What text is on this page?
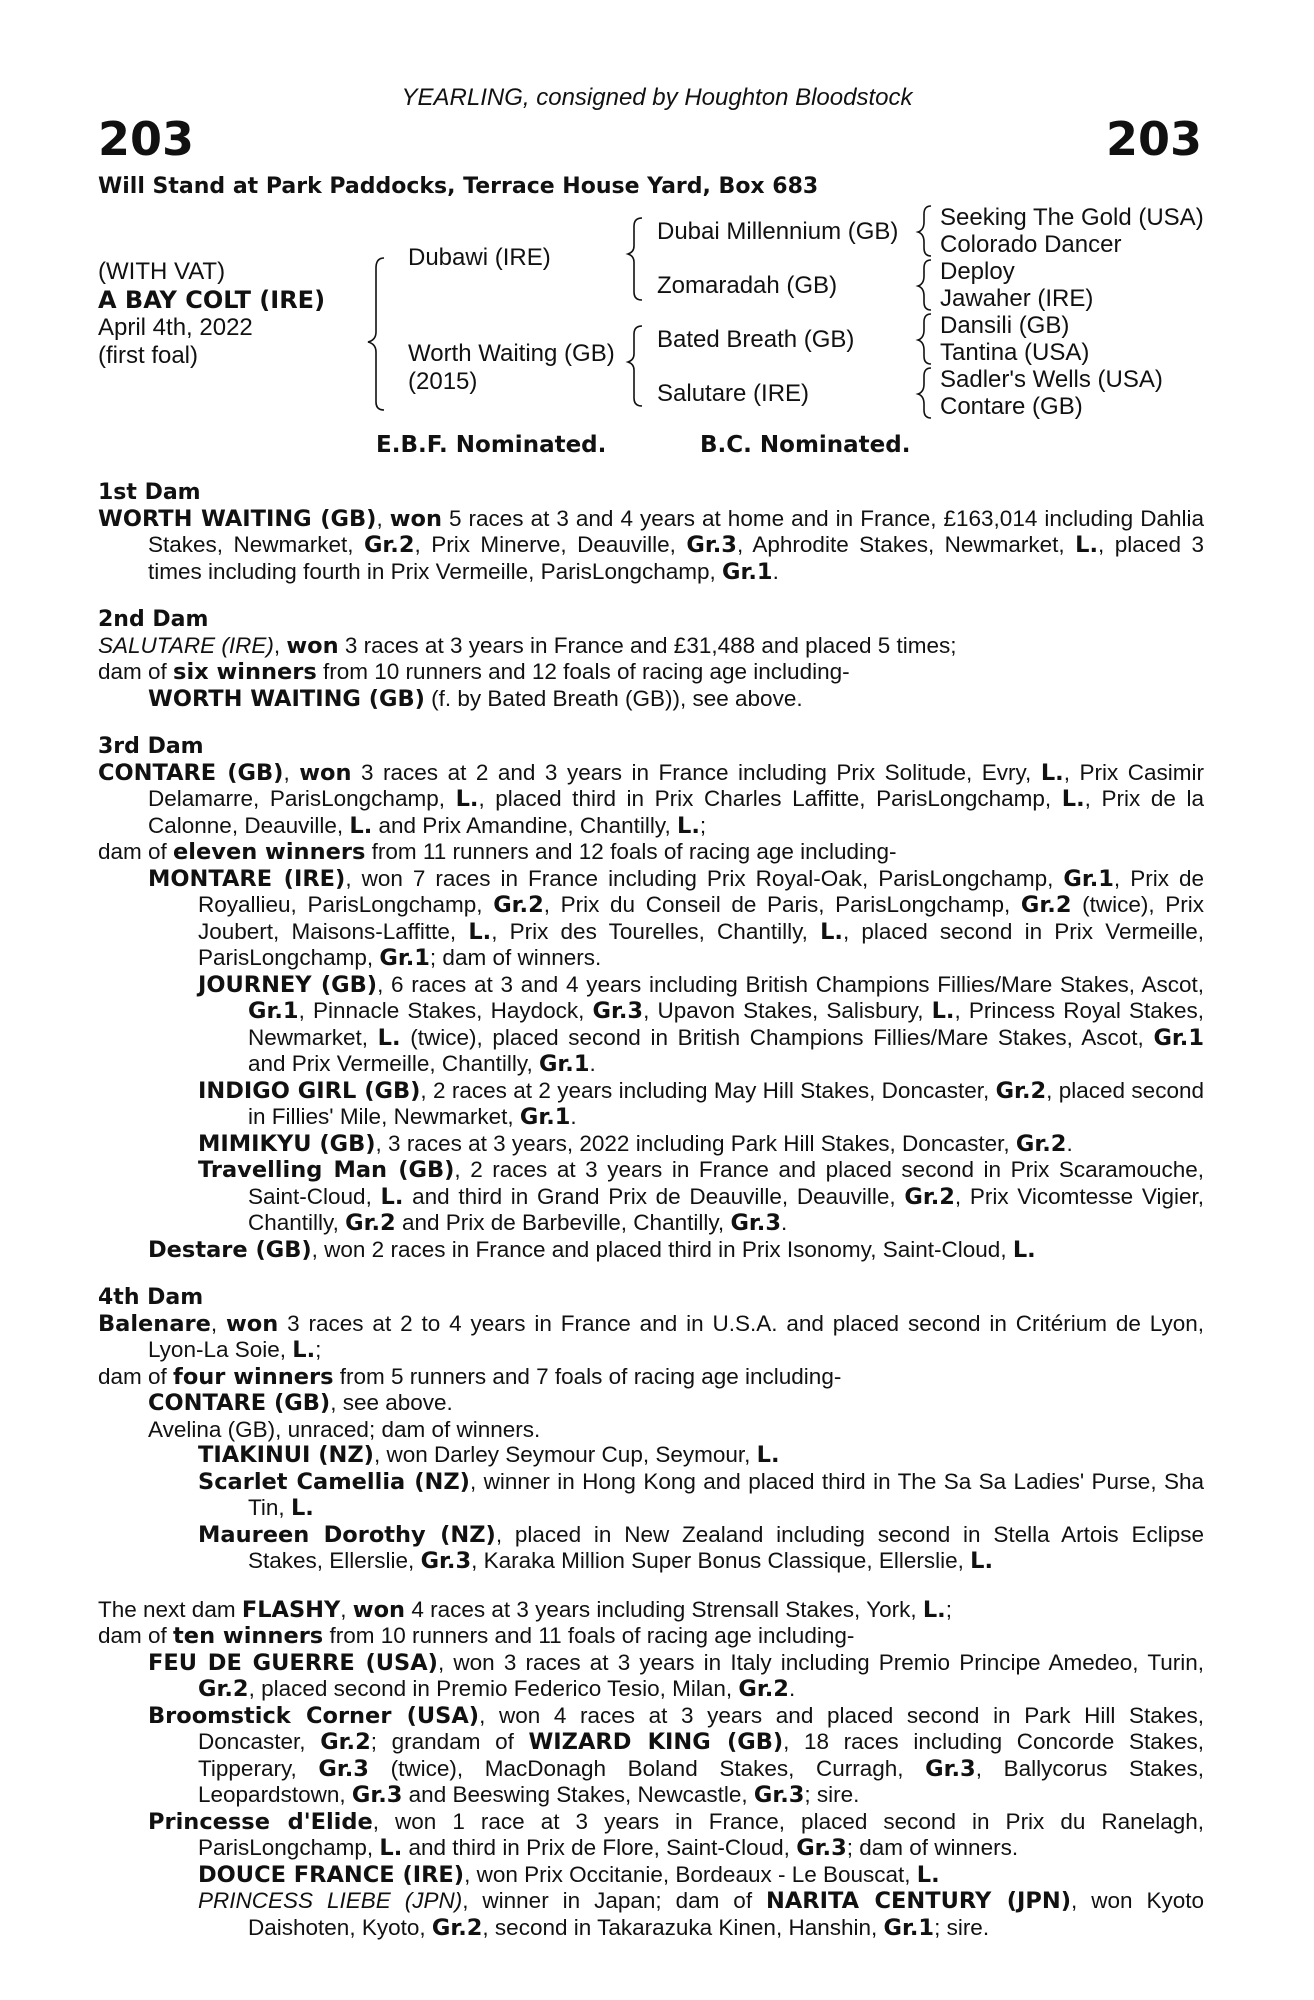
YEARLING, consigned by Houghton Bloodstock
203	203
Will Stand at Park Paddocks, Terrace House Yard, Box 683
(WITH VAT)
A BAY COLT (IRE)
April 4th, 2022
(first foal)
Dubawi (IRE)
Worth Waiting (GB)
(2015)
Dubai Millennium (GB)
Zomaradah (GB)
Bated Breath (GB)
Salutare (IRE)
Seeking The Gold (USA)
Colorado Dancer
Deploy
Jawaher (IRE)
Dansili (GB)
Tantina (USA)
Sadler's Wells (USA)
Contare (GB)
E.B.F. Nominated.	B.C. Nominated.
1st Dam
WORTH WAITING (GB), won 5 races at 3 and 4 years at home and in France, £163,014 including Dahlia Stakes, Newmarket, Gr.2, Prix Minerve, Deauville, Gr.3, Aphrodite Stakes, Newmarket, L., placed 3 times including fourth in Prix Vermeille, ParisLongchamp, Gr.1.
2nd Dam
SALUTARE (IRE), won 3 races at 3 years in France and £31,488 and placed 5 times;
dam of six winners from 10 runners and 12 foals of racing age including-
WORTH WAITING (GB) (f. by Bated Breath (GB)), see above.
3rd Dam
CONTARE (GB), won 3 races at 2 and 3 years in France including Prix Solitude, Evry, L., Prix Casimir Delamarre, ParisLongchamp, L., placed third in Prix Charles Laffitte, ParisLongchamp, L., Prix de la Calonne, Deauville, L. and Prix Amandine, Chantilly, L.;
dam of eleven winners from 11 runners and 12 foals of racing age including-
MONTARE (IRE), won 7 races in France including Prix Royal-Oak, ParisLongchamp, Gr.1, Prix de Royallieu, ParisLongchamp, Gr.2, Prix du Conseil de Paris, ParisLongchamp, Gr.2 (twice), Prix Joubert, Maisons-Laffitte, L., Prix des Tourelles, Chantilly, L., placed second in Prix Vermeille, ParisLongchamp, Gr.1; dam of winners.
JOURNEY (GB), 6 races at 3 and 4 years including British Champions Fillies/Mare Stakes, Ascot, Gr.1, Pinnacle Stakes, Haydock, Gr.3, Upavon Stakes, Salisbury, L., Princess Royal Stakes, Newmarket, L. (twice), placed second in British Champions Fillies/Mare Stakes, Ascot, Gr.1 and Prix Vermeille, Chantilly, Gr.1.
INDIGO GIRL (GB), 2 races at 2 years including May Hill Stakes, Doncaster, Gr.2, placed second in Fillies' Mile, Newmarket, Gr.1.
MIMIKYU (GB), 3 races at 3 years, 2022 including Park Hill Stakes, Doncaster, Gr.2.
Travelling Man (GB), 2 races at 3 years in France and placed second in Prix Scaramouche, Saint-Cloud, L. and third in Grand Prix de Deauville, Deauville, Gr.2, Prix Vicomtesse Vigier, Chantilly, Gr.2 and Prix de Barbeville, Chantilly, Gr.3.
Destare (GB), won 2 races in France and placed third in Prix Isonomy, Saint-Cloud, L.
4th Dam
Balenare, won 3 races at 2 to 4 years in France and in U.S.A. and placed second in Critérium de Lyon, Lyon-La Soie, L.;
dam of four winners from 5 runners and 7 foals of racing age including-
CONTARE (GB), see above.
Avelina (GB), unraced; dam of winners.
TIAKINUI (NZ), won Darley Seymour Cup, Seymour, L.
Scarlet Camellia (NZ), winner in Hong Kong and placed third in The Sa Sa Ladies' Purse, Sha Tin, L.
Maureen Dorothy (NZ), placed in New Zealand including second in Stella Artois Eclipse Stakes, Ellerslie, Gr.3, Karaka Million Super Bonus Classique, Ellerslie, L.
The next dam FLASHY, won 4 races at 3 years including Strensall Stakes, York, L.;
dam of ten winners from 10 runners and 11 foals of racing age including-
FEU DE GUERRE (USA), won 3 races at 3 years in Italy including Premio Principe Amedeo, Turin, Gr.2, placed second in Premio Federico Tesio, Milan, Gr.2.
Broomstick Corner (USA), won 4 races at 3 years and placed second in Park Hill Stakes, Doncaster, Gr.2; grandam of WIZARD KING (GB), 18 races including Concorde Stakes, Tipperary, Gr.3 (twice), MacDonagh Boland Stakes, Curragh, Gr.3, Ballycorus Stakes, Leopardstown, Gr.3 and Beeswing Stakes, Newcastle, Gr.3; sire.
Princesse d'Elide, won 1 race at 3 years in France, placed second in Prix du Ranelagh, ParisLongchamp, L. and third in Prix de Flore, Saint-Cloud, Gr.3; dam of winners.
DOUCE FRANCE (IRE), won Prix Occitanie, Bordeaux - Le Bouscat, L.
PRINCESS LIEBE (JPN), winner in Japan; dam of NARITA CENTURY (JPN), won Kyoto Daishoten, Kyoto, Gr.2, second in Takarazuka Kinen, Hanshin, Gr.1; sire.
